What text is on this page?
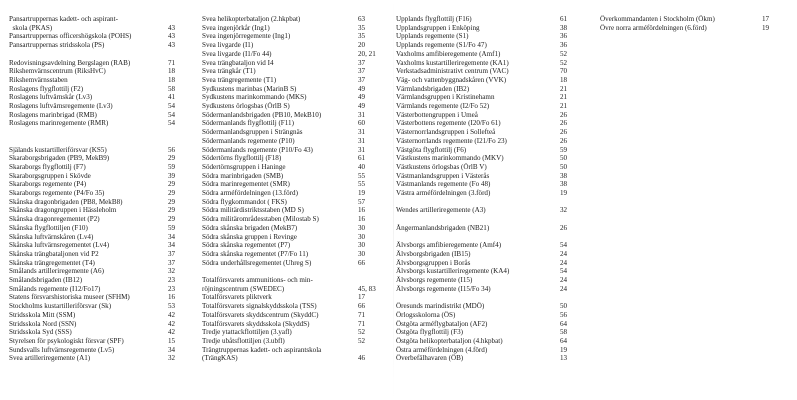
Pansartruppernas kadett- och aspirant-
skola (PKAS)	43
Pansartruppernas officershögskola (POHS)	43
Pansartruppernas stridsskola (PS)	43
Redovisningsavdelning Bergslagen (RAB)	71
Rikshemvärnscentrum (RiksHvC)	18
Rikshemvärnsstaben	18
Roslagens flygflottilj (F2)	58
Roslagens luftvärnskår (Lv3)	41
Roslagens luftvärnsregemente (Lv3)	54
Roslagens marinbrigad (RMB)	54
Roslagens marinregemente (RMR)	54
Själands kustartilleriförsvar (KS5)	56
Skaraborgsbrigaden (PB9, MekB9)	29
Skaraborgs flygflottilj (F7)	59
Skaraborgsgruppen i Skövde	39
Skaraborgs regemente (P4)	29
Skaraborgs regemente (P4/Fo 35)	29
Skånska dragonbrigaden (PB8, MekB8)	29
Skånska dragongruppen i Hässleholm	29
Skånska dragonregementet (P2)	29
Skånska flygflottiljen (F10)	59
Skånska luftvärnskåren (Lv4)	34
Skånska luftvärnsregementet (Lv4)	34
Skånska trängbataljonen vid P2	37
Skånska trängregementet (T4)	37
Smålands artilleriregemente (A6)	32
Smålandsbrigaden (IB12)	23
Smålands regemente (I12/Fo17)	23
Statens försvarshistoriska museer (SFHM)	16
Stockholms kustartilleriförsvar (Sk)	53
Stridsskola Mitt (SSM)	42
Stridsskola Nord (SSN)	42
Stridsskola Syd (SSS)	42
Styrelsen för psykologiskt försvar (SPF)	15
Sundsvalls luftvärnsregemente (Lv5)	34
Svea artilleriregemente (A1)	32
Svea helikopterbataljon (2.hkpbat)	63
Svea ingenjörkår (Ing1)	35
Svea ingenjörregemente (Ing1)	35
Svea livgarde (I1)	20
Svea livgarde (I1/Fo 44)	20, 21
Svea trängbataljon vid I4	37
Svea trängkår (T1)	37
Svea trängregemente (T1)	37
Sydkustens marinbas (MarinB S)	49
Sydkustens marinkommando (MKS)	49
Sydkustens örlogsbas (ÖrlB S)	49
Södermanlandsbrigaden (PB10, MekB10)	31
Södermanlands flygflottilj (F11)	60
Södermanlandsgruppen i Strängnäs	31
Södermanlands regemente (P10)	31
Södermanlands regemente (P10/Fo 43)	31
Södertörns flygflottilj (F18)	61
Södertörnsgruppen i Haninge	40
Södra marinbrigaden (SMB)	55
Södra marinregementet (SMR)	55
Södra arméfördelningen (13.förd)	19
Södra flygkommandot ( FKS)	57
Södra militärdistriktsstaben (MD S)	16
Södra militärområdesstaben (Milostab S)	16
Södra skånska brigaden (MekB7)	30
Södra skånska gruppen i Revinge	30
Södra skånska regementet (P7)	30
Södra skånska regementet (P7/Fo 11)	30
Södra underhållsregementet (Uhreg S)	66
Totalförsvarets ammunitions- och min-
röjningscentrum (SWEDEC)	45, 83
Totalförsvarets pliktverk	17
Totalförsvarets signalskyddsskola (TSS)	66
Totalförsvarets skyddscentrum (SkyddC)	71
Totalförsvarets skyddsskola (SkyddS)	71
Tredje ytattackflottiljen (3.yafl)	52
Tredje ubåtsflottiljen (3.ubfl)	52
Trängtruppernas kadett- och aspirantskola
(TrängKAS)	46
Upplands flygflottilj (F16)	61
Upplandsgruppen i Enköping	38
Upplands regemente (S1)	36
Upplands regemente (S1/Fo 47)	36
Vaxholms amfibieregemente (Amf1)	52
Vaxholms kustartilleriregemente (KA1)	52
Verkstadsadministrativt centrum (VAC)	70
Väg- och vattenbyggnadskåren (VVK)	18
Värmlandsbrigaden (IB2)	21
Värmlandsgruppen i Kristinehamn	21
Värmlands regemente (I2/Fo 52)	21
Västerbottengruppen i Umeå	26
Västerbottens regemente (I20/Fo 61)	26
Västernorrlandsgruppen i Sollefteå	26
Västernorrlands regemente (I21/Fo 23)	26
Västgöta flygflottilj (F6)	59
Västkustens marinkommando (MKV)	50
Västkustens örlogsbas (ÖrlB V)	50
Västmanlandsgruppen i Västerås	38
Västmanlands regemente (Fo 48)	38
Västra arméfördelningen (3.förd)	19
Wendes artilleriregemente (A3)	32
Ångermanlandsbrigaden (NB21)	26
Älvsborgs amfibieregemente (Amf4)	54
Älvsborgsbrigaden (IB15)	24
Älvsborgsgruppen i Borås	24
Älvsborgs kustartilleriregemente (KA4)	54
Älvsborgs regemente (I15)	24
Älvsborgs regemente (I15/Fo 34)	24
Öresunds marindistrikt (MDÖ)	50
Örlogsskolorna (ÖS)	56
Östgöta arméflygbataljon (AF2)	64
Östgöta flygflottilj (F3)	58
Östgöta helikopterbataljon (4.hkpbat)	64
Östra arméfördelningen (4.förd)	19
Överbefälhavaren (ÖB)	13
Överkommandanten i Stockholm (Ökm)	17
Övre norra arméfördelningen (6.förd)	19
